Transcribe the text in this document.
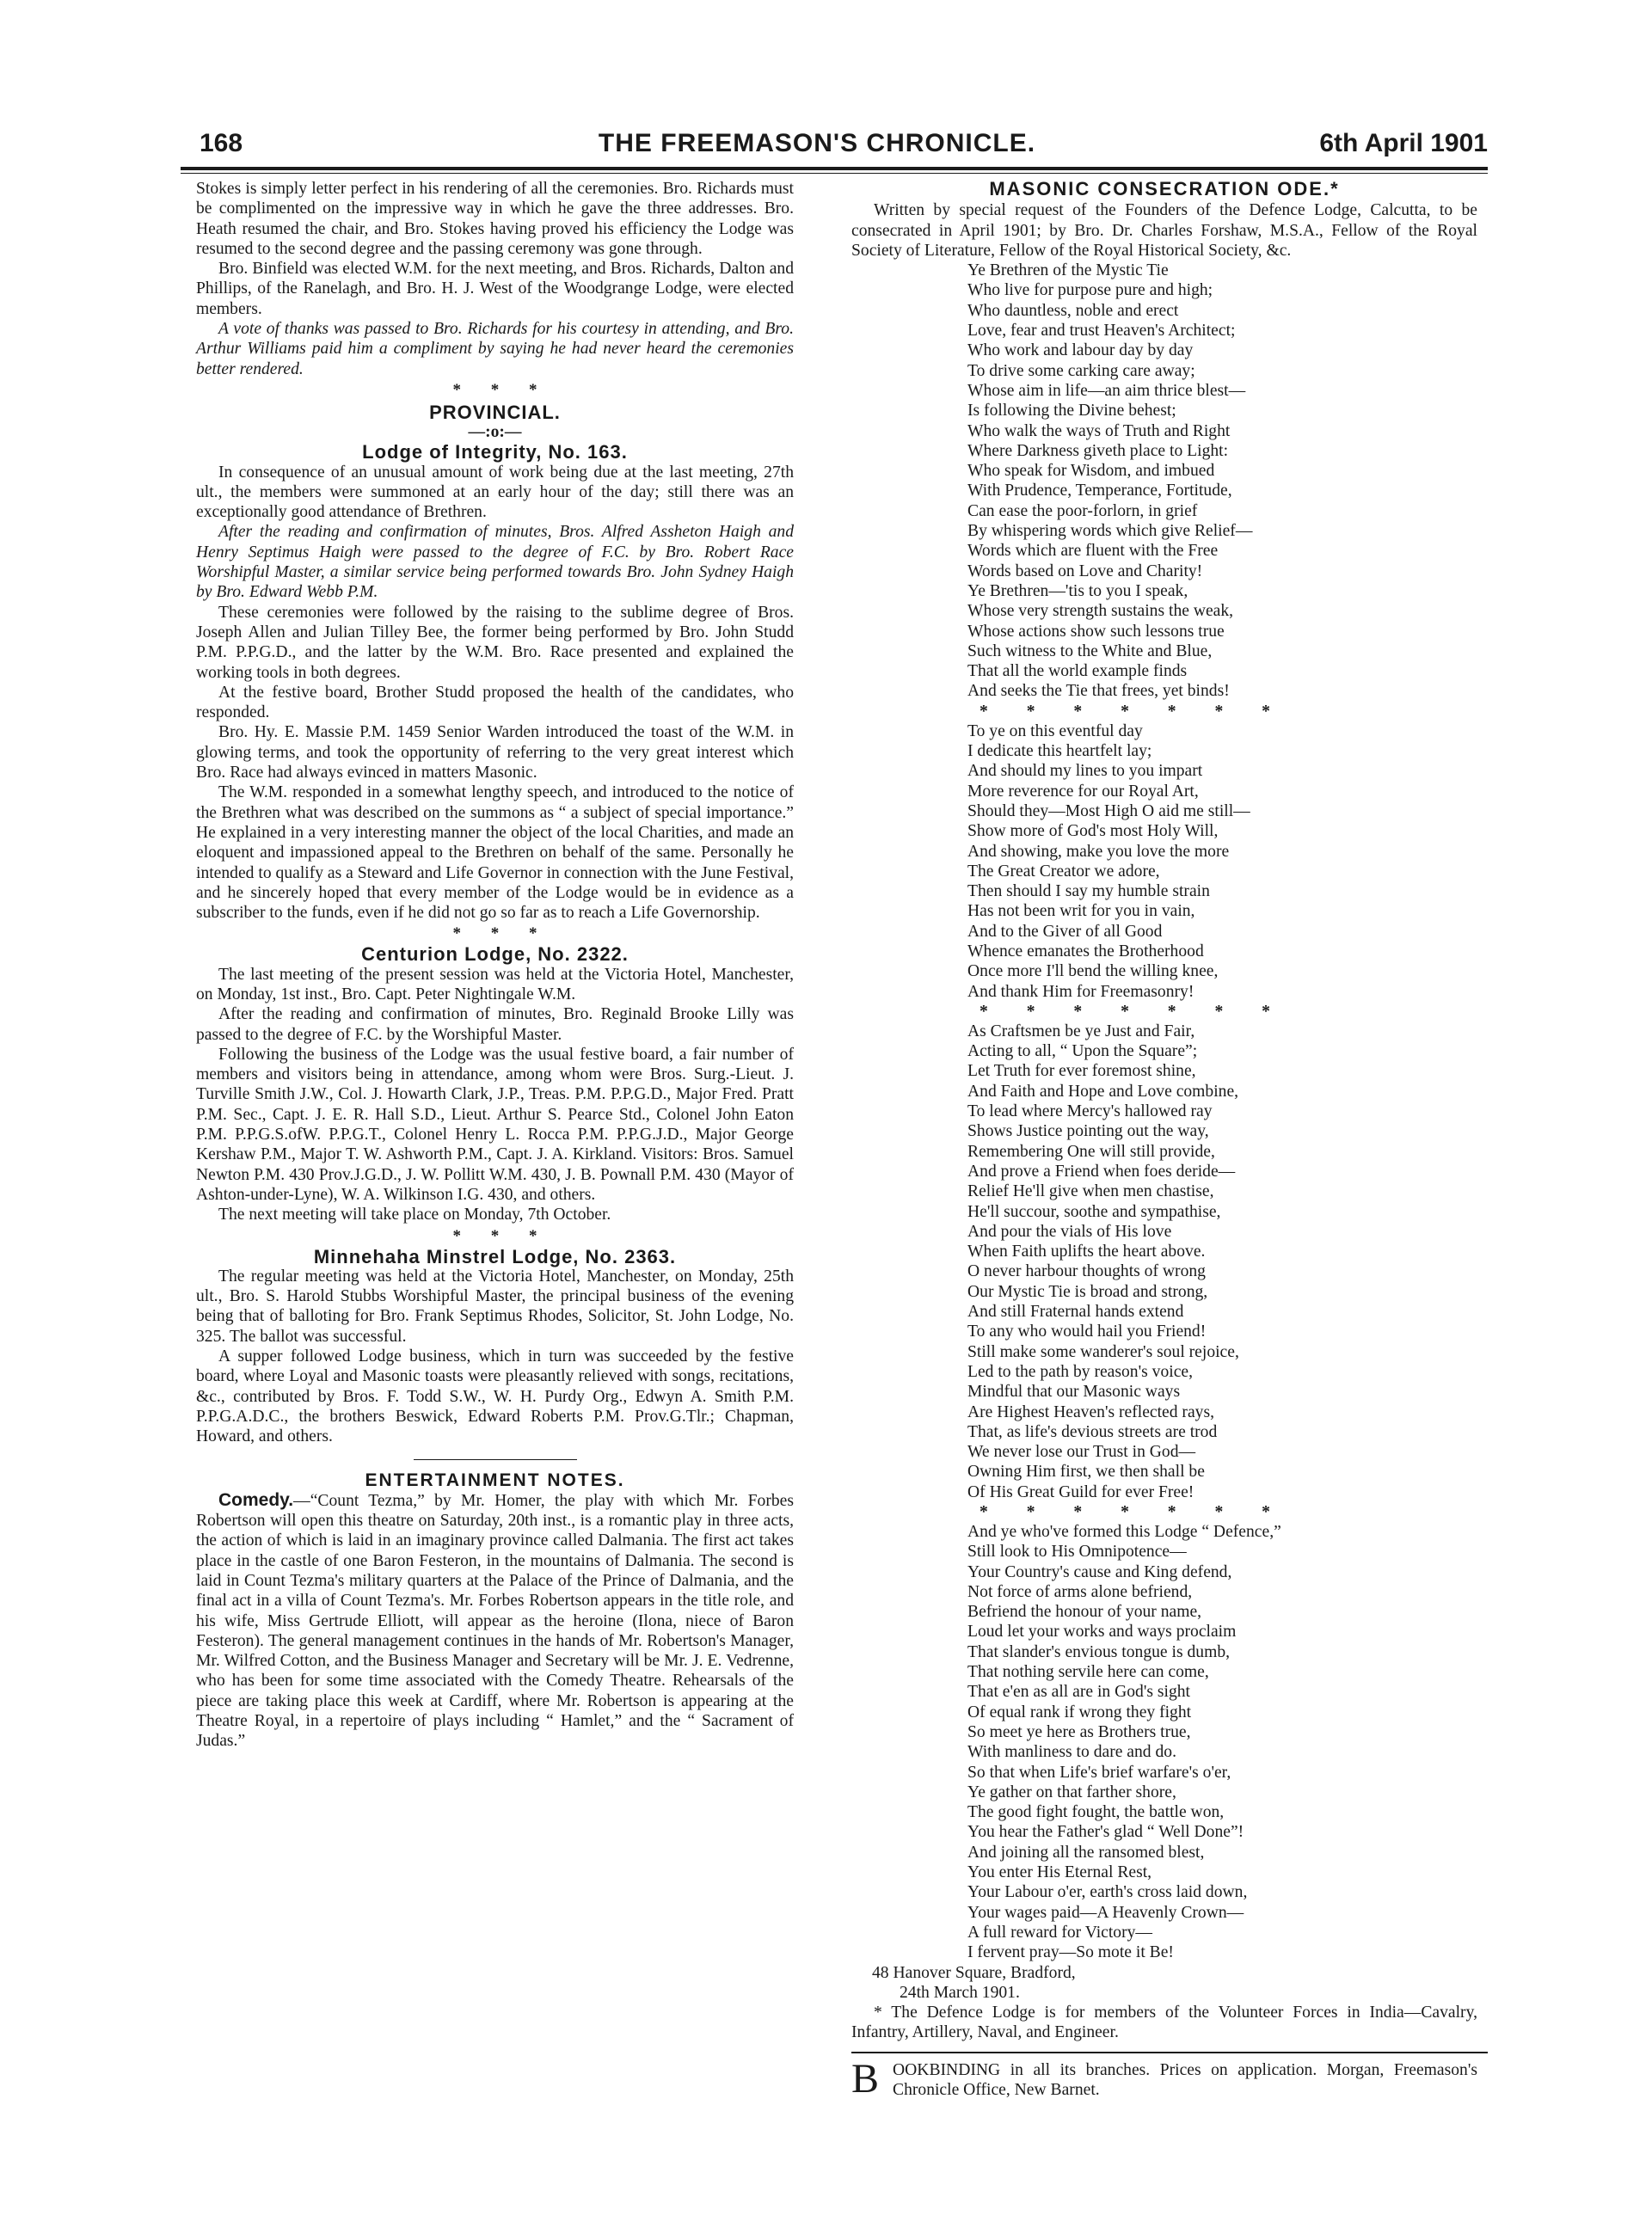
168	THE FREEMASON'S CHRONICLE.	6th April 1901

Stokes is simply letter perfect in his rendering of all the ceremonies. Bro. Richards must be complimented on the impressive way in which he gave the three addresses. Bro. Heath resumed the chair, and Bro. Stokes having proved his efficiency the Lodge was resumed to the second degree and the passing ceremony was gone through.

Bro. Binfield was elected W.M. for the next meeting, and Bros. Richards, Dalton and Phillips, of the Ranelagh, and Bro. H. J. West of the Woodgrange Lodge, were elected members.

A vote of thanks was passed to Bro. Richards for his courtesy in attending, and Bro. Arthur Williams paid him a compliment by saying he had never heard the ceremonies better rendered.

* * *
PROVINCIAL.
—:o:—
Lodge of Integrity, No. 163.

In consequence of an unusual amount of work being due at the last meeting, 27th ult., the members were summoned at an early hour of the day; still there was an exceptionally good attendance of Brethren.

After the reading and confirmation of minutes, Bros. Alfred Assheton Haigh and Henry Septimus Haigh were passed to the degree of F.C. by Bro. Robert Race Worshipful Master, a similar service being performed towards Bro. John Sydney Haigh by Bro. Edward Webb P.M.

These ceremonies were followed by the raising to the sublime degree of Bros. Joseph Allen and Julian Tilley Bee, the former being performed by Bro. John Studd P.M. P.P.G.D., and the latter by the W.M. Bro. Race presented and explained the working tools in both degrees.

At the festive board, Brother Studd proposed the health of the candidates, who responded.

Bro. Hy. E. Massie P.M. 1459 Senior Warden introduced the toast of the W.M. in glowing terms, and took the opportunity of referring to the very great interest which Bro. Race had always evinced in matters Masonic.

The W.M. responded in a somewhat lengthy speech, and introduced to the notice of the Brethren what was described on the summons as “ a subject of special importance.” He explained in a very interesting manner the object of the local Charities, and made an eloquent and impassioned appeal to the Brethren on behalf of the same. Personally he intended to qualify as a Steward and Life Governor in connection with the June Festival, and he sincerely hoped that every member of the Lodge would be in evidence as a subscriber to the funds, even if he did not go so far as to reach a Life Governorship.

* * *
Centurion Lodge, No. 2322.

The last meeting of the present session was held at the Victoria Hotel, Manchester, on Monday, 1st inst., Bro. Capt. Peter Nightingale W.M.

After the reading and confirmation of minutes, Bro. Reginald Brooke Lilly was passed to the degree of F.C. by the Worshipful Master.

Following the business of the Lodge was the usual festive board, a fair number of members and visitors being in attendance, among whom were Bros. Surg.-Lieut. J. Turville Smith J.W., Col. J. Howarth Clark, J.P., Treas. P.M. P.P.G.D., Major Fred. Pratt P.M. Sec., Capt. J. E. R. Hall S.D., Lieut. Arthur S. Pearce Std., Colonel John Eaton P.M. P.P.G.S.ofW. P.P.G.T., Colonel Henry L. Rocca P.M. P.P.G.J.D., Major George Kershaw P.M., Major T. W. Ashworth P.M., Capt. J. A. Kirkland. Visitors: Bros. Samuel Newton P.M. 430 Prov.J.G.D., J. W. Pollitt W.M. 430, J. B. Pownall P.M. 430 (Mayor of Ashton-under-Lyne), W. A. Wilkinson I.G. 430, and others.

The next meeting will take place on Monday, 7th October.

* * *
Minnehaha Minstrel Lodge, No. 2363.

The regular meeting was held at the Victoria Hotel, Manchester, on Monday, 25th ult., Bro. S. Harold Stubbs Worshipful Master, the principal business of the evening being that of balloting for Bro. Frank Septimus Rhodes, Solicitor, St. John Lodge, No. 325. The ballot was successful.

A supper followed Lodge business, which in turn was succeeded by the festive board, where Loyal and Masonic toasts were pleasantly relieved with songs, recitations, &c., contributed by Bros. F. Todd S.W., W. H. Purdy Org., Edwyn A. Smith P.M. P.P.G.A.D.C., the brothers Beswick, Edward Roberts P.M. Prov.G.Tlr.; Chapman, Howard, and others.

ENTERTAINMENT NOTES.

Comedy.—“Count Tezma,” by Mr. Homer, the play with which Mr. Forbes Robertson will open this theatre on Saturday, 20th inst., is a romantic play in three acts, the action of which is laid in an imaginary province called Dalmania. The first act takes place in the castle of one Baron Festeron, in the mountains of Dalmania. The second is laid in Count Tezma's military quarters at the Palace of the Prince of Dalmania, and the final act in a villa of Count Tezma's. Mr. Forbes Robertson appears in the title role, and his wife, Miss Gertrude Elliott, will appear as the heroine (Ilona, niece of Baron Festeron). The general management continues in the hands of Mr. Robertson's Manager, Mr. Wilfred Cotton, and the Business Manager and Secretary will be Mr. J. E. Vedrenne, who has been for some time associated with the Comedy Theatre. Rehearsals of the piece are taking place this week at Cardiff, where Mr. Robertson is appearing at the Theatre Royal, in a repertoire of plays including “ Hamlet,” and the “ Sacrament of Judas.”

MASONIC CONSECRATION ODE.*

Written by special request of the Founders of the Defence Lodge, Calcutta, to be consecrated in April 1901; by Bro. Dr. Charles Forshaw, M.S.A., Fellow of the Royal Society of Literature, Fellow of the Royal Historical Society, &c.

Ye Brethren of the Mystic Tie
Who live for purpose pure and high;
Who dauntless, noble and erect
Love, fear and trust Heaven's Architect;
Who work and labour day by day
To drive some carking care away;
Whose aim in life—an aim thrice blest—
Is following the Divine behest;
Who walk the ways of Truth and Right
Where Darkness giveth place to Light:
Who speak for Wisdom, and imbued
With Prudence, Temperance, Fortitude,
Can ease the poor-forlorn, in grief
By whispering words which give Relief—
Words which are fluent with the Free
Words based on Love and Charity!
Ye Brethren—'tis to you I speak,
Whose very strength sustains the weak,
Whose actions show such lessons true
Such witness to the White and Blue,
That all the world example finds
And seeks the Tie that frees, yet binds!
* * * * * * *
To ye on this eventful day
I dedicate this heartfelt lay;
And should my lines to you impart
More reverence for our Royal Art,
Should they—Most High O aid me still—
Show more of God's most Holy Will,
And showing, make you love the more
The Great Creator we adore,
Then should I say my humble strain
Has not been writ for you in vain,
And to the Giver of all Good
Whence emanates the Brotherhood
Once more I'll bend the willing knee,
And thank Him for Freemasonry!
* * * * * * *
As Craftsmen be ye Just and Fair,
Acting to all, “ Upon the Square”;
Let Truth for ever foremost shine,
And Faith and Hope and Love combine,
To lead where Mercy's hallowed ray
Shows Justice pointing out the way,
Remembering One will still provide,
And prove a Friend when foes deride—
Relief He'll give when men chastise,
He'll succour, soothe and sympathise,
And pour the vials of His love
When Faith uplifts the heart above.
O never harbour thoughts of wrong
Our Mystic Tie is broad and strong,
And still Fraternal hands extend
To any who would hail you Friend!
Still make some wanderer's soul rejoice,
Led to the path by reason's voice,
Mindful that our Masonic ways
Are Highest Heaven's reflected rays,
That, as life's devious streets are trod
We never lose our Trust in God—
Owning Him first, we then shall be
Of His Great Guild for ever Free!
* * * * * * *
And ye who've formed this Lodge “ Defence,”
Still look to His Omnipotence—
Your Country's cause and King defend,
Not force of arms alone befriend,
Befriend the honour of your name,
Loud let your works and ways proclaim
That slander's envious tongue is dumb,
That nothing servile here can come,
That e'en as all are in God's sight
Of equal rank if wrong they fight
So meet ye here as Brothers true,
With manliness to dare and do.
So that when Life's brief warfare's o'er,
Ye gather on that farther shore,
The good fight fought, the battle won,
You hear the Father's glad “ Well Done”!
And joining all the ransomed blest,
You enter His Eternal Rest,
Your Labour o'er, earth's cross laid down,
Your wages paid—A Heavenly Crown—
A full reward for Victory—
I fervent pray—So mote it Be!
48 Hanover Square, Bradford,
24th March 1901.

* The Defence Lodge is for members of the Volunteer Forces in India—Cavalry, Infantry, Artillery, Naval, and Engineer.

B OOKBINDING in all its branches. Prices on application. Morgan, Freemason's Chronicle Office, New Barnet.
